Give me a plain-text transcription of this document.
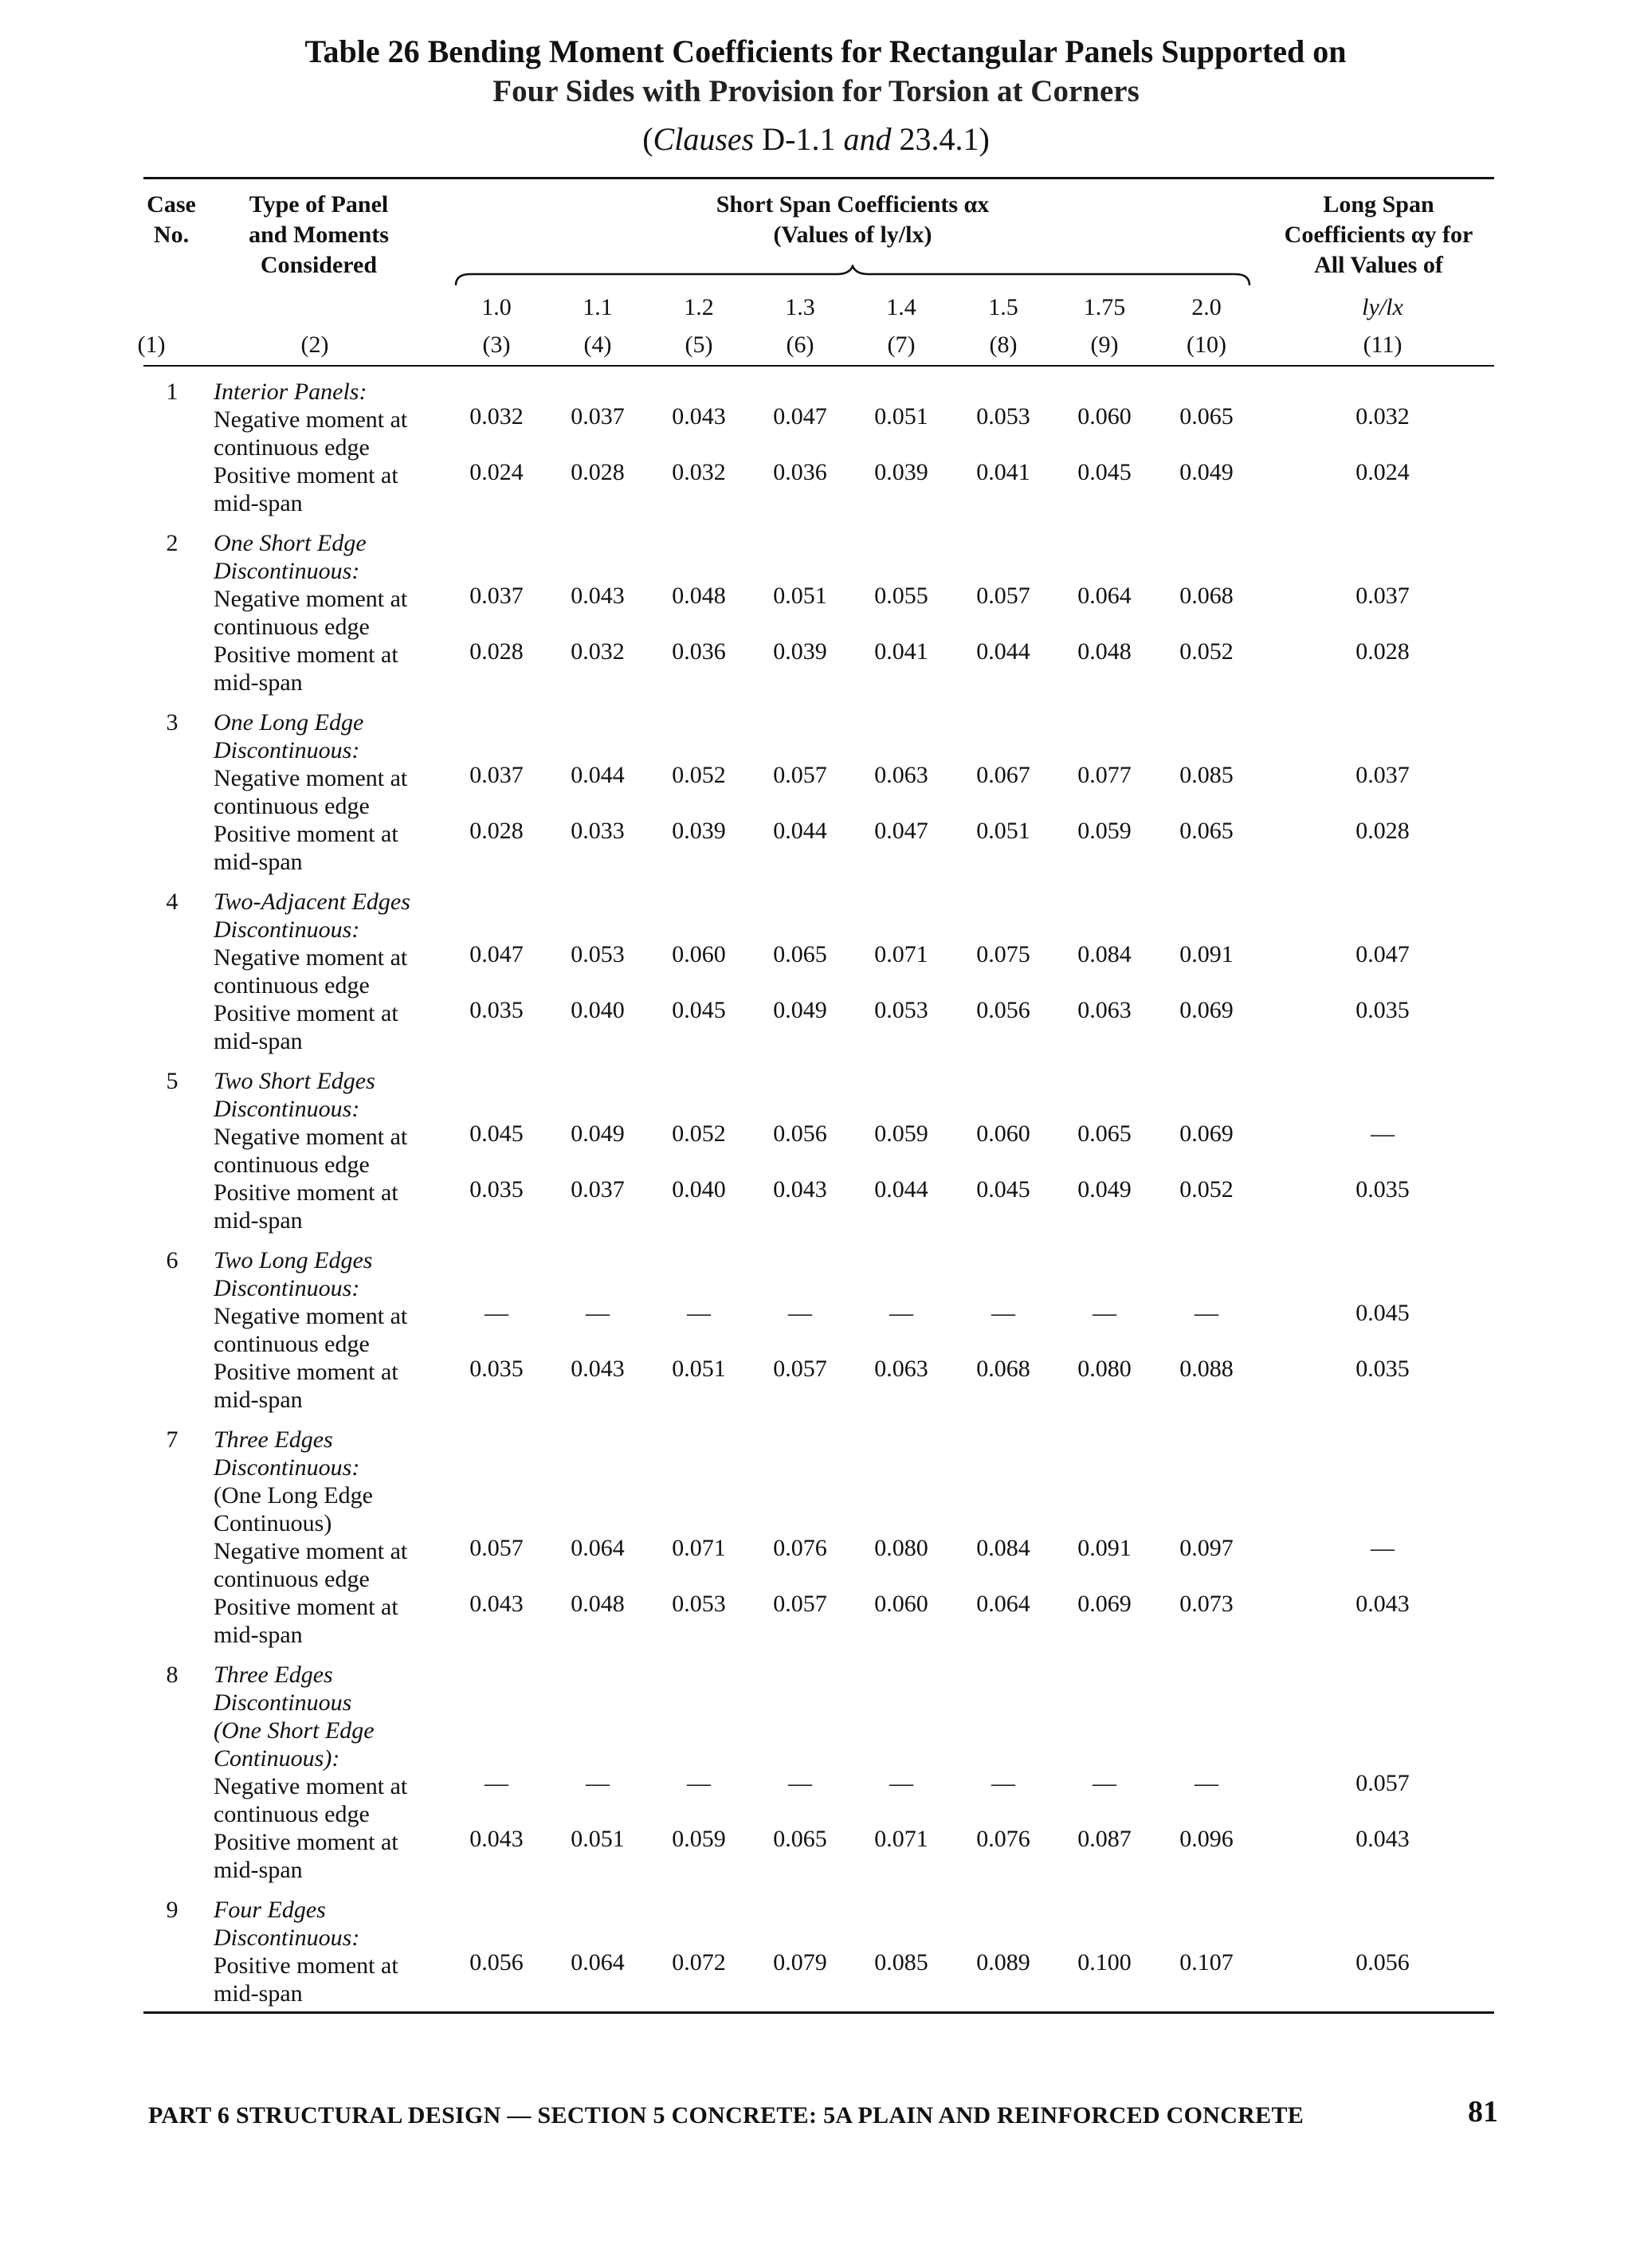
Table 26 Bending Moment Coefficients for Rectangular Panels Supported on
Four Sides with Provision for Torsion at Corners
(Clauses D-1.1 and 23.4.1)
Case
No.
Type of Panel
and Moments
Considered
Short Span Coefficients αx
(Values of ly/lx)
Long Span
Coefficients αy for
All Values of
1.0	1.1	1.2	1.3	1.4	1.5	1.75	2.0	ly/lx
(1)	(2)	(3)	(4)	(5)	(6)	(7)	(8)	(9)	(10)	(11)
1	Interior Panels:
Negative moment at
continuous edge
0.032	0.037	0.043	0.047	0.051	0.053	0.060	0.065	0.032
Positive moment at
mid-span
0.024	0.028	0.032	0.036	0.039	0.041	0.045	0.049	0.024
2	One Short Edge
Discontinuous:
Negative moment at
continuous edge
0.037	0.043	0.048	0.051	0.055	0.057	0.064	0.068	0.037
Positive moment at
mid-span
0.028	0.032	0.036	0.039	0.041	0.044	0.048	0.052	0.028
3	One Long Edge
Discontinuous:
Negative moment at
continuous edge
0.037	0.044	0.052	0.057	0.063	0.067	0.077	0.085	0.037
Positive moment at
mid-span
0.028	0.033	0.039	0.044	0.047	0.051	0.059	0.065	0.028
4	Two-Adjacent Edges
Discontinuous:
Negative moment at
continuous edge
0.047	0.053	0.060	0.065	0.071	0.075	0.084	0.091	0.047
Positive moment at
mid-span
0.035	0.040	0.045	0.049	0.053	0.056	0.063	0.069	0.035
5	Two Short Edges
Discontinuous:
Negative moment at
continuous edge
0.045	0.049	0.052	0.056	0.059	0.060	0.065	0.069	—
Positive moment at
mid-span
0.035	0.037	0.040	0.043	0.044	0.045	0.049	0.052	0.035
6	Two Long Edges
Discontinuous:
Negative moment at
continuous edge
—	—	—	—	—	—	—	—	0.045
Positive moment at
mid-span
0.035	0.043	0.051	0.057	0.063	0.068	0.080	0.088	0.035
7	Three Edges
Discontinuous:
(One Long Edge
Continuous)
Negative moment at
continuous edge
0.057	0.064	0.071	0.076	0.080	0.084	0.091	0.097	—
Positive moment at
mid-span
0.043	0.048	0.053	0.057	0.060	0.064	0.069	0.073	0.043
8	Three Edges
Discontinuous
(One Short Edge
Continuous):
Negative moment at
continuous edge
—	—	—	—	—	—	—	—	0.057
Positive moment at
mid-span
0.043	0.051	0.059	0.065	0.071	0.076	0.087	0.096	0.043
9	Four Edges
Discontinuous:
Positive moment at
mid-span
0.056	0.064	0.072	0.079	0.085	0.089	0.100	0.107	0.056
PART 6 STRUCTURAL DESIGN — SECTION 5 CONCRETE: 5A PLAIN AND REINFORCED CONCRETE	81
